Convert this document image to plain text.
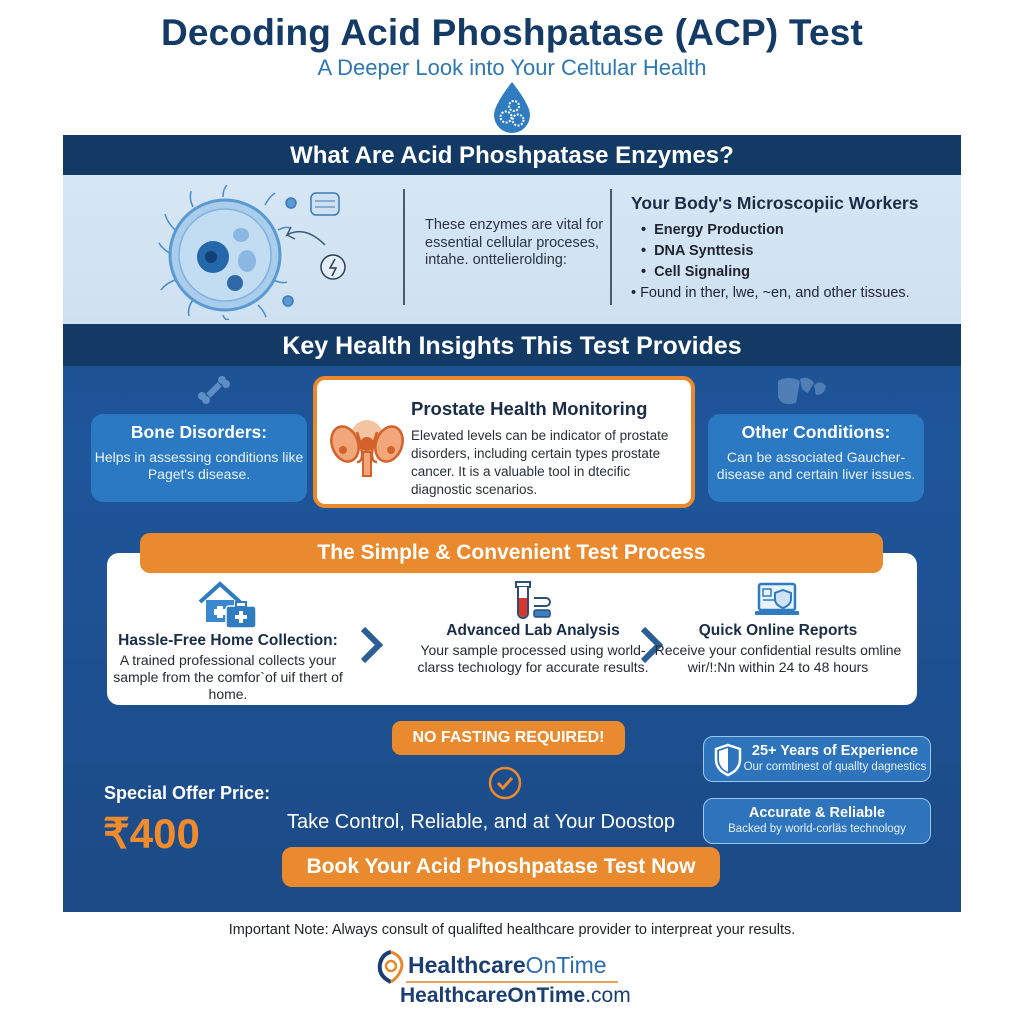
Decoding Acid Phoshpatase (ACP) Test
A Deeper Look into Your Celtular Health
What Are Acid Phoshpatase Enzymes?
These enzymes are vital for essential cellular proceses, intahe. onttelierolding:
Your Body's Microscopiic Workers
• Energy Production
• DNA Synttesis
• Cell Signaling
• Found in ther, lwe, ~en, and other tissues.
Key Health Insights This Test Provides
Bone Disorders:

Helps in assessing conditions like Paget's disease.

Prostate Health Monitoring

Elevated levels can be indicator of prostate disorders, including certain types prostate cancer. It is a valuable tool in dtecific diagnostic scenarios.

Other Conditions:

Can be associated Gaucher-disease and certain liver issues.

The Simple & Convenient Test Process
Hassle-Free Home Collection:

A trained professional collects your sample from the comfor`of uif thert of home.

Advanced Lab Analysis

Your sample processed using world-clarss techıology for accurate results.

Quick Online Reports

Receive your confidential results omline wir/!:Nn within 24 to 48 hours

NO FASTING REQUIRED!
Special Offer Price:
₹400	Take Control, Reliable, and at Your Doostop
Book Your Acid Phoshpatase Test Now
25+ Years of Experience

Our cormtinest of quallty dagnestics

Accurate & Reliable

Backed by world-corläs technology

Important Note: Always consult of qualifted healthcare provider to interpreat your results.
HealthcareOnTime
HealthcareOnTime.com
